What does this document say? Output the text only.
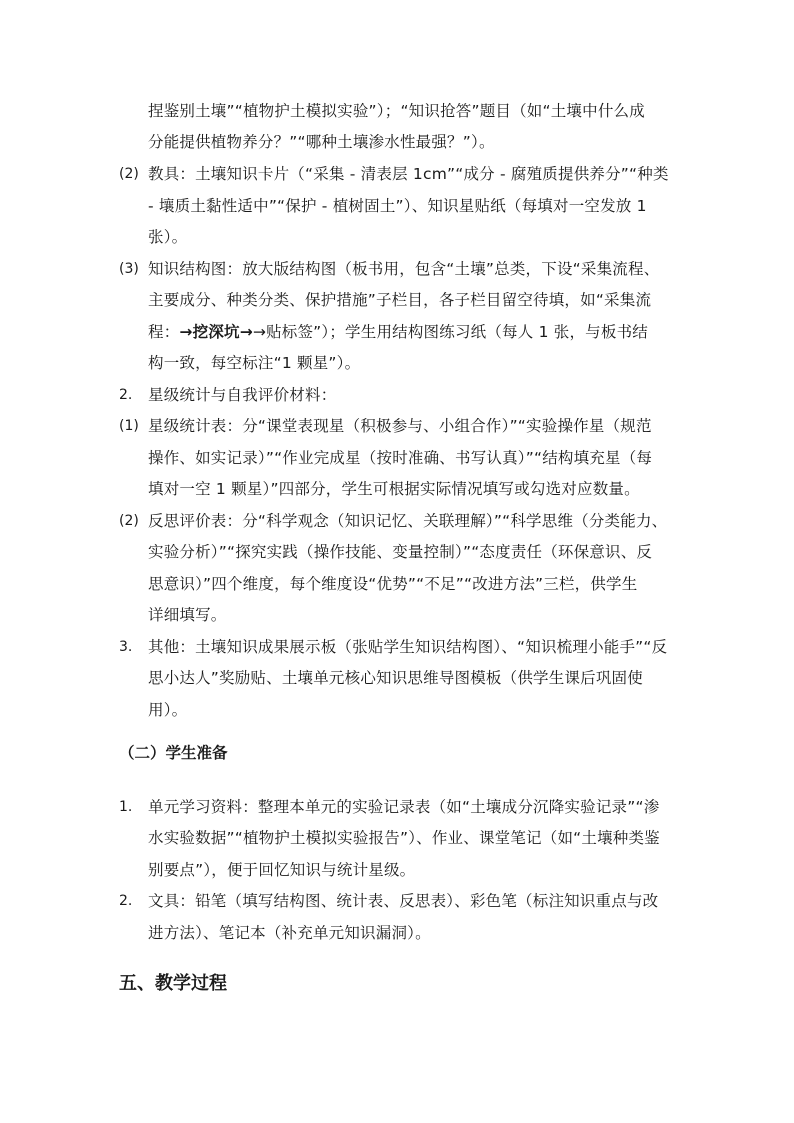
捏鉴别土壤”“植物护土模拟实验”）；“知识抢答”题目（如“土壤中什么成
分能提供植物养分？”“哪种土壤渗水性最强？”）。
(2) 教具：土壤知识卡片（“采集 - 清表层 1cm”“成分 - 腐殖质提供养分”“种类
- 壤质土黏性适中”“保护 - 植树固土”）、知识星贴纸（每填对一空发放 1
张）。
(3) 知识结构图：放大版结构图（板书用，包含“土壤”总类，下设“采集流程、
主要成分、种类分类、保护措施”子栏目，各子栏目留空待填，如“采集流
程：→挖深坑→→贴标签”）；学生用结构图练习纸（每人 1 张，与板书结
构一致，每空标注“1 颗星”）。
2. 星级统计与自我评价材料：
(1) 星级统计表：分“课堂表现星（积极参与、小组合作）”“实验操作星（规范
操作、如实记录）”“作业完成星（按时准确、书写认真）”“结构填充星（每
填对一空 1 颗星）”四部分，学生可根据实际情况填写或勾选对应数量。
(2) 反思评价表：分“科学观念（知识记忆、关联理解）”“科学思维（分类能力、
实验分析）”“探究实践（操作技能、变量控制）”“态度责任（环保意识、反
思意识）”四个维度，每个维度设“优势”“不足”“改进方法”三栏，供学生
详细填写。
3. 其他：土壤知识成果展示板（张贴学生知识结构图）、“知识梳理小能手”“反
思小达人”奖励贴、土壤单元核心知识思维导图模板（供学生课后巩固使
用）。
（二）学生准备
1. 单元学习资料：整理本单元的实验记录表（如“土壤成分沉降实验记录”“渗
水实验数据”“植物护土模拟实验报告”）、作业、课堂笔记（如“土壤种类鉴
别要点”），便于回忆知识与统计星级。
2. 文具：铅笔（填写结构图、统计表、反思表）、彩色笔（标注知识重点与改
进方法）、笔记本（补充单元知识漏洞）。
五、教学过程
